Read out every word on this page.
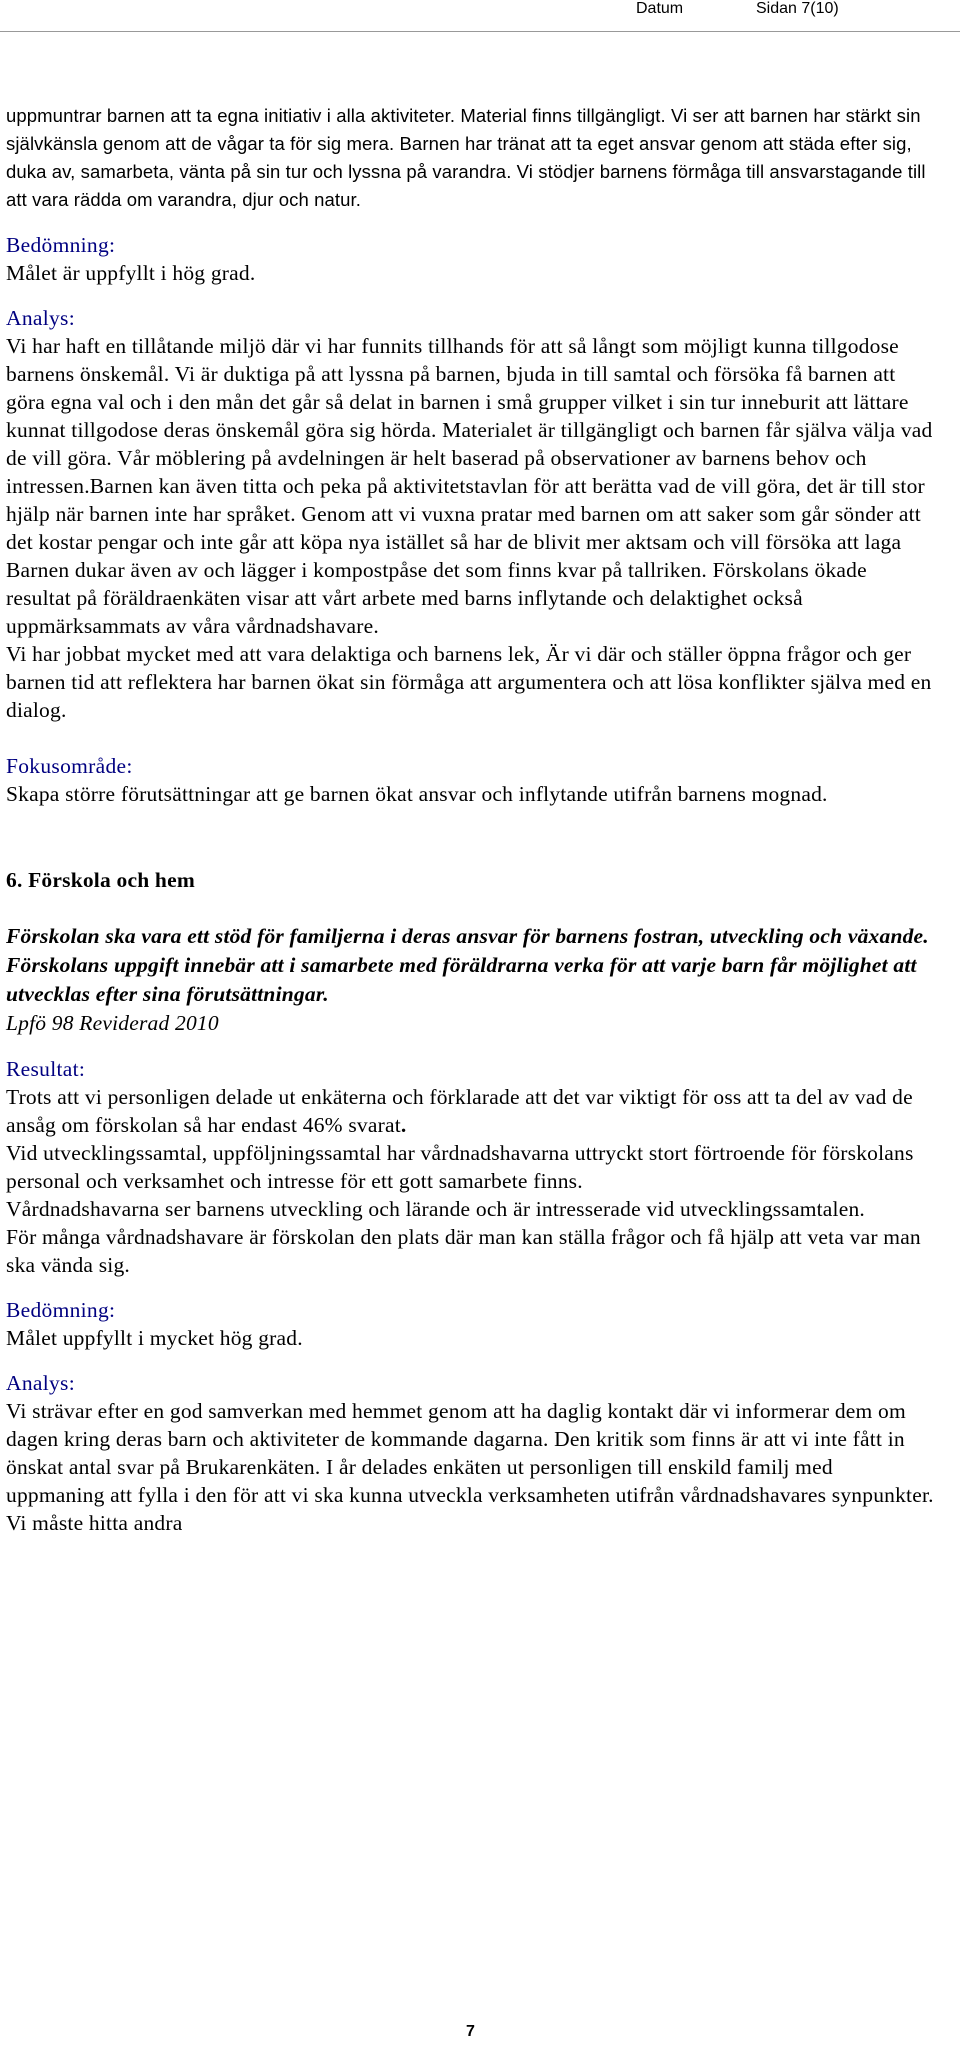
Datum	Sidan 7(10)

uppmuntrar barnen att ta egna initiativ i alla aktiviteter. Material finns tillgängligt. Vi ser att barnen har stärkt sin självkänsla genom att de vågar ta för sig mera. Barnen har tränat att ta eget ansvar genom att städa efter sig, duka av, samarbeta, vänta på sin tur och lyssna på varandra. Vi stödjer barnens förmåga till ansvarstagande till att vara rädda om varandra, djur och natur.

Bedömning:

Målet är uppfyllt i hög grad.

Analys:

Vi har haft en tillåtande miljö där vi har funnits tillhands för att så långt som möjligt kunna tillgodose barnens önskemål. Vi är duktiga på att lyssna på barnen, bjuda in till samtal och försöka få barnen att göra egna val och i den mån det går så delat in barnen i små grupper vilket i sin tur inneburit att lättare kunnat tillgodose deras önskemål göra sig hörda. Materialet är tillgängligt och barnen får själva välja vad de vill göra. Vår möblering på avdelningen är helt baserad på observationer av barnens behov och intressen.Barnen kan även titta och peka på aktivitetstavlan för att berätta vad de vill göra, det är till stor hjälp när barnen inte har språket. Genom att vi vuxna pratar med barnen om att saker som går sönder att det kostar pengar och inte går att köpa nya istället så har de blivit mer aktsam och vill försöka att laga Barnen dukar även av och lägger i kompostpåse det som finns kvar på tallriken. Förskolans ökade resultat på föräldraenkäten visar att vårt arbete med barns inflytande och delaktighet också uppmärksammats av våra vårdnadshavare.

Vi har jobbat mycket med att vara delaktiga och barnens lek, Är vi där och ställer öppna frågor och ger barnen tid att reflektera har barnen ökat sin förmåga att argumentera och att lösa konflikter själva med en dialog.

Fokusområde:

Skapa större förutsättningar att ge barnen ökat ansvar och inflytande utifrån barnens mognad.

6. Förskola och hem

Förskolan ska vara ett stöd för familjerna i deras ansvar för barnens fostran, utveckling och växande. Förskolans uppgift innebär att i samarbete med föräldrarna verka för att varje barn får möjlighet att utvecklas efter sina förutsättningar.

Lpfö 98 Reviderad 2010

Resultat:

Trots att vi personligen delade ut enkäterna och förklarade att det var viktigt för oss att ta del av vad de ansåg om förskolan så har endast 46% svarat.

Vid utvecklingssamtal, uppföljningssamtal har vårdnadshavarna uttryckt stort förtroende för förskolans personal och verksamhet och intresse för ett gott samarbete finns.

Vårdnadshavarna ser barnens utveckling och lärande och är intresserade vid utvecklingssamtalen.

För många vårdnadshavare är förskolan den plats där man kan ställa frågor och få hjälp att veta var man ska vända sig.

Bedömning:

Målet uppfyllt i mycket hög grad.

Analys:

Vi strävar efter en god samverkan med hemmet genom att ha daglig kontakt där vi informerar dem om dagen kring deras barn och aktiviteter de kommande dagarna. Den kritik som finns är att vi inte fått in önskat antal svar på Brukarenkäten. I år delades enkäten ut personligen till enskild familj med uppmaning att fylla i den för att vi ska kunna utveckla verksamheten utifrån vårdnadshavares synpunkter. Vi måste hitta andra

7
